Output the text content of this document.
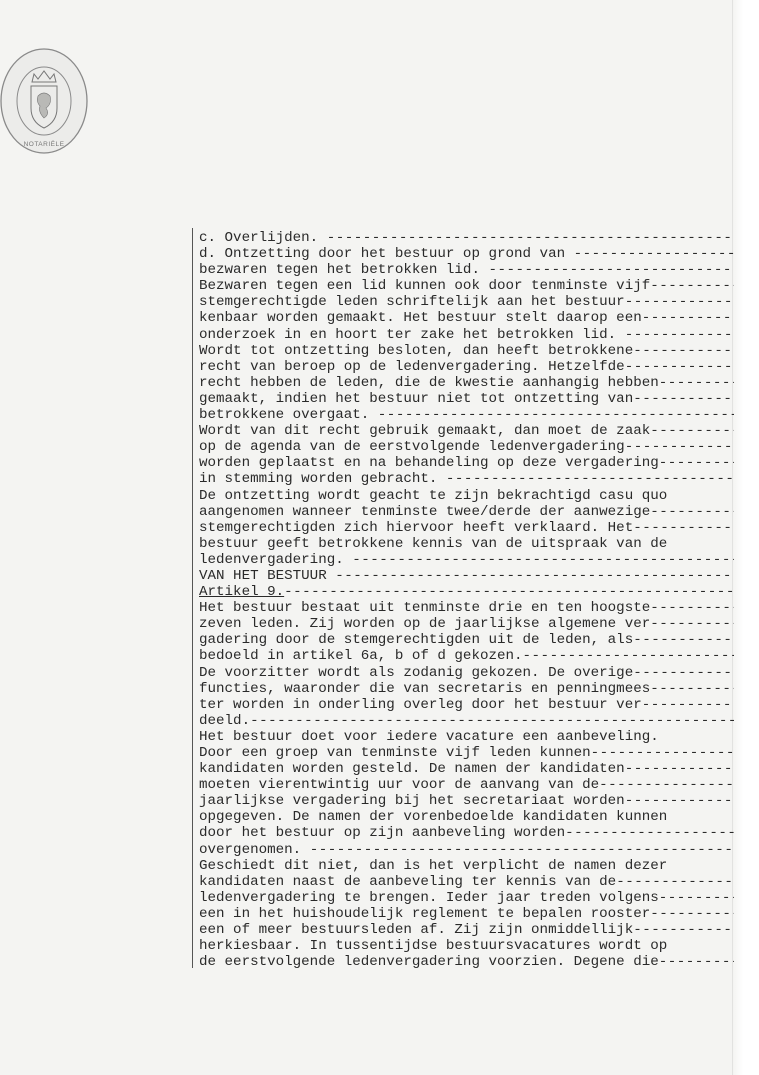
NOTARIËLE
c. Overlijden.
-----
d. Ontzetting door het bestuur op grond van
-----
bezwaren tegen het betrokken lid.
-----
Bezwaren tegen een lid kunnen ook door tenminste vijf
-----
stemgerechtigde leden schriftelijk aan het bestuur
-----
kenbaar worden gemaakt. Het bestuur stelt daarop een
-----
onderzoek in en hoort ter zake het betrokken lid.
-----
Wordt tot ontzetting besloten, dan heeft betrokkene
-----
recht van beroep op de ledenvergadering. Hetzelfde
-----
recht hebben de leden, die de kwestie aanhangig hebben
-----
gemaakt, indien het bestuur niet tot ontzetting van
-----
betrokkene overgaat.
-----
Wordt van dit recht gebruik gemaakt, dan moet de zaak
-----
op de agenda van de eerstvolgende ledenvergadering
-----
worden geplaatst en na behandeling op deze vergadering
-----
in stemming worden gebracht.
-----
De ontzetting wordt geacht te zijn bekrachtigd casu quo
aangenomen wanneer tenminste twee/derde der aanwezige
-----
stemgerechtigden zich hiervoor heeft verklaard. Het
-----
bestuur geeft betrokkene kennis van de uitspraak van de
ledenvergadering.
-----
VAN HET BESTUUR
-----
Artikel 9.
-----
Het bestuur bestaat uit tenminste drie en ten hoogste
-----
zeven leden. Zij worden op de jaarlijkse algemene ver
-----
gadering door de stemgerechtigden uit de leden, als
-----
bedoeld in artikel 6a, b of d gekozen.
-----
De voorzitter wordt als zodanig gekozen. De overige
-----
functies, waaronder die van secretaris en penningmees
-----
ter worden in onderling overleg door het bestuur ver
-----
deeld.
-----
Het bestuur doet voor iedere vacature een aanbeveling.
Door een groep van tenminste vijf leden kunnen
-----
kandidaten worden gesteld. De namen der kandidaten
-----
moeten vierentwintig uur voor de aanvang van de
-----
jaarlijkse vergadering bij het secretariaat worden
-----
opgegeven. De namen der vorenbedoelde kandidaten kunnen
door het bestuur op zijn aanbeveling worden
-----
overgenomen.
-----
Geschiedt dit niet, dan is het verplicht de namen dezer
kandidaten naast de aanbeveling ter kennis van de
-----
ledenvergadering te brengen. Ieder jaar treden volgens
-----
een in het huishoudelijk reglement te bepalen rooster
-----
een of meer bestuursleden af. Zij zijn onmiddellijk
-----
herkiesbaar. In tussentijdse bestuursvacatures wordt op
de eerstvolgende ledenvergadering voorzien. Degene die
-----
